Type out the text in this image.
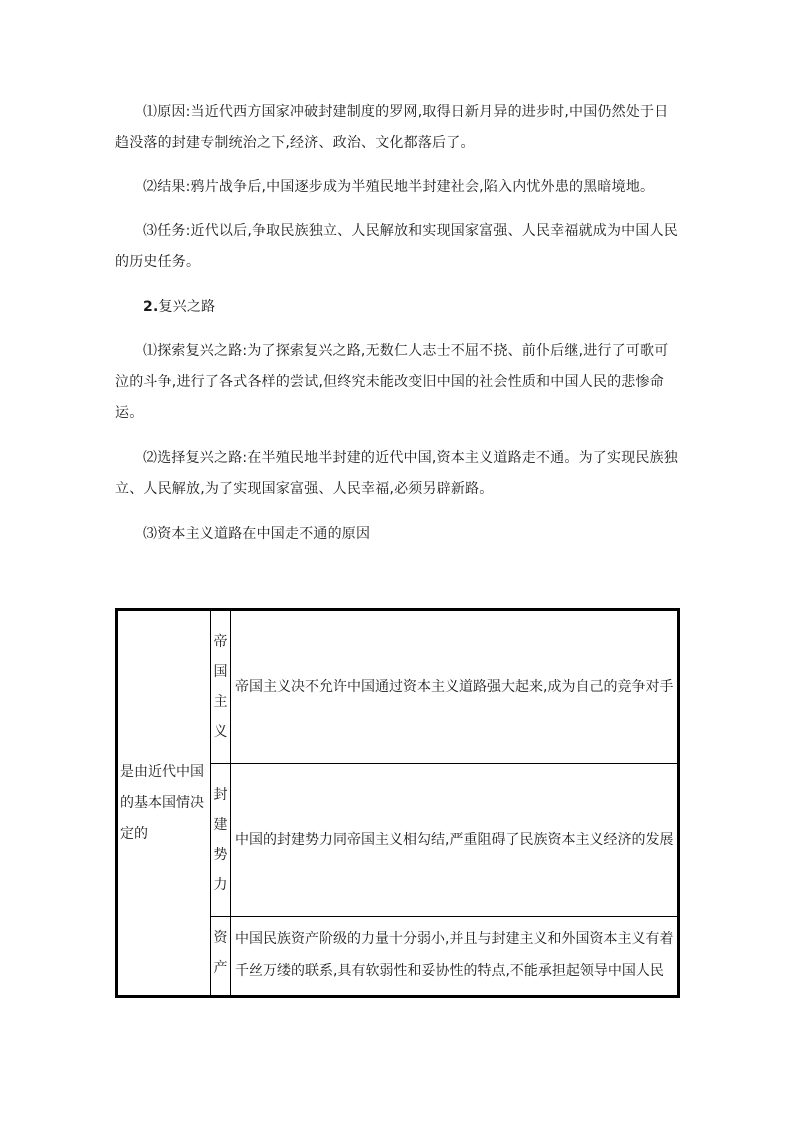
⑴原因:当近代西方国家冲破封建制度的罗网,取得日新月异的进步时,中国仍然处于日趋没落的封建专制统治之下,经济、政治、文化都落后了。

⑵结果:鸦片战争后,中国逐步成为半殖民地半封建社会,陷入内忧外患的黑暗境地。

⑶任务:近代以后,争取民族独立、人民解放和实现国家富强、人民幸福就成为中国人民的历史任务。

2.复兴之路

⑴探索复兴之路:为了探索复兴之路,无数仁人志士不屈不挠、前仆后继,进行了可歌可泣的斗争,进行了各式各样的尝试,但终究未能改变旧中国的社会性质和中国人民的悲惨命运。

⑵选择复兴之路:在半殖民地半封建的近代中国,资本主义道路走不通。为了实现民族独立、人民解放,为了实现国家富强、人民幸福,必须另辟新路。

⑶资本主义道路在中国走不通的原因

是由近代中国的基本国情决定的	帝
国
主
义	帝国主义决不允许中国通过资本主义道路强大起来,成为自己的竞争对手

	封
建
势
力	中国的封建势力同帝国主义相勾结,严重阻碍了民族资本主义经济的发展

	资
产	中国民族资产阶级的力量十分弱小,并且与封建主义和外国资本主义有着千丝万缕的联系,具有软弱性和妥协性的特点,不能承担起领导中国人民
